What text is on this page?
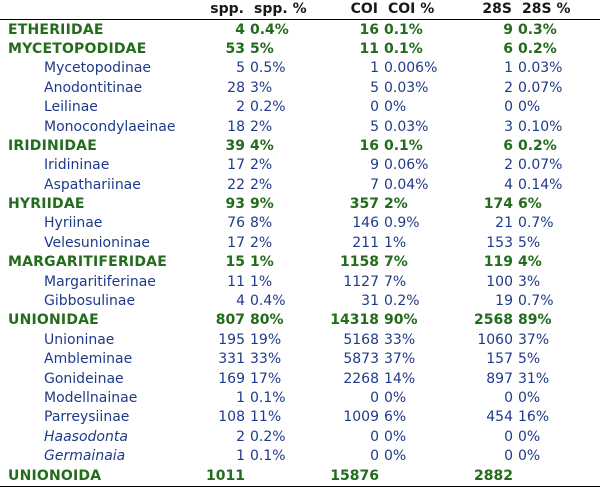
	spp.	spp. %	COI	COI %	28S	28S %
ETHERIIDAE	4	0.4%	16	0.1%	9	0.3%
MYCETOPODIDAE	53	5%	11	0.1%	6	0.2%
Mycetopodinae	5	0.5%	1	0.006%	1	0.03%
Anodontitinae	28	3%	5	0.03%	2	0.07%
Leilinae	2	0.2%	0	0%	0	0%
Monocondylaeinae	18	2%	5	0.03%	3	0.10%
IRIDINIDAE	39	4%	16	0.1%	6	0.2%
Iridininae	17	2%	9	0.06%	2	0.07%
Aspathariinae	22	2%	7	0.04%	4	0.14%
HYRIIDAE	93	9%	357	2%	174	6%
Hyriinae	76	8%	146	0.9%	21	0.7%
Velesunioninae	17	2%	211	1%	153	5%
MARGARITIFERIDAE	15	1%	1158	7%	119	4%
Margaritiferinae	11	1%	1127	7%	100	3%
Gibbosulinae	4	0.4%	31	0.2%	19	0.7%
UNIONIDAE	807	80%	14318	90%	2568	89%
Unioninae	195	19%	5168	33%	1060	37%
Ambleminae	331	33%	5873	37%	157	5%
Gonideinae	169	17%	2268	14%	897	31%
Modellnainae	1	0.1%	0	0%	0	0%
Parreysiinae	108	11%	1009	6%	454	16%
Haasodonta	2	0.2%	0	0%	0	0%
Germainaia	1	0.1%	0	0%	0	0%
UNIONOIDA	1011		15876		2882	
